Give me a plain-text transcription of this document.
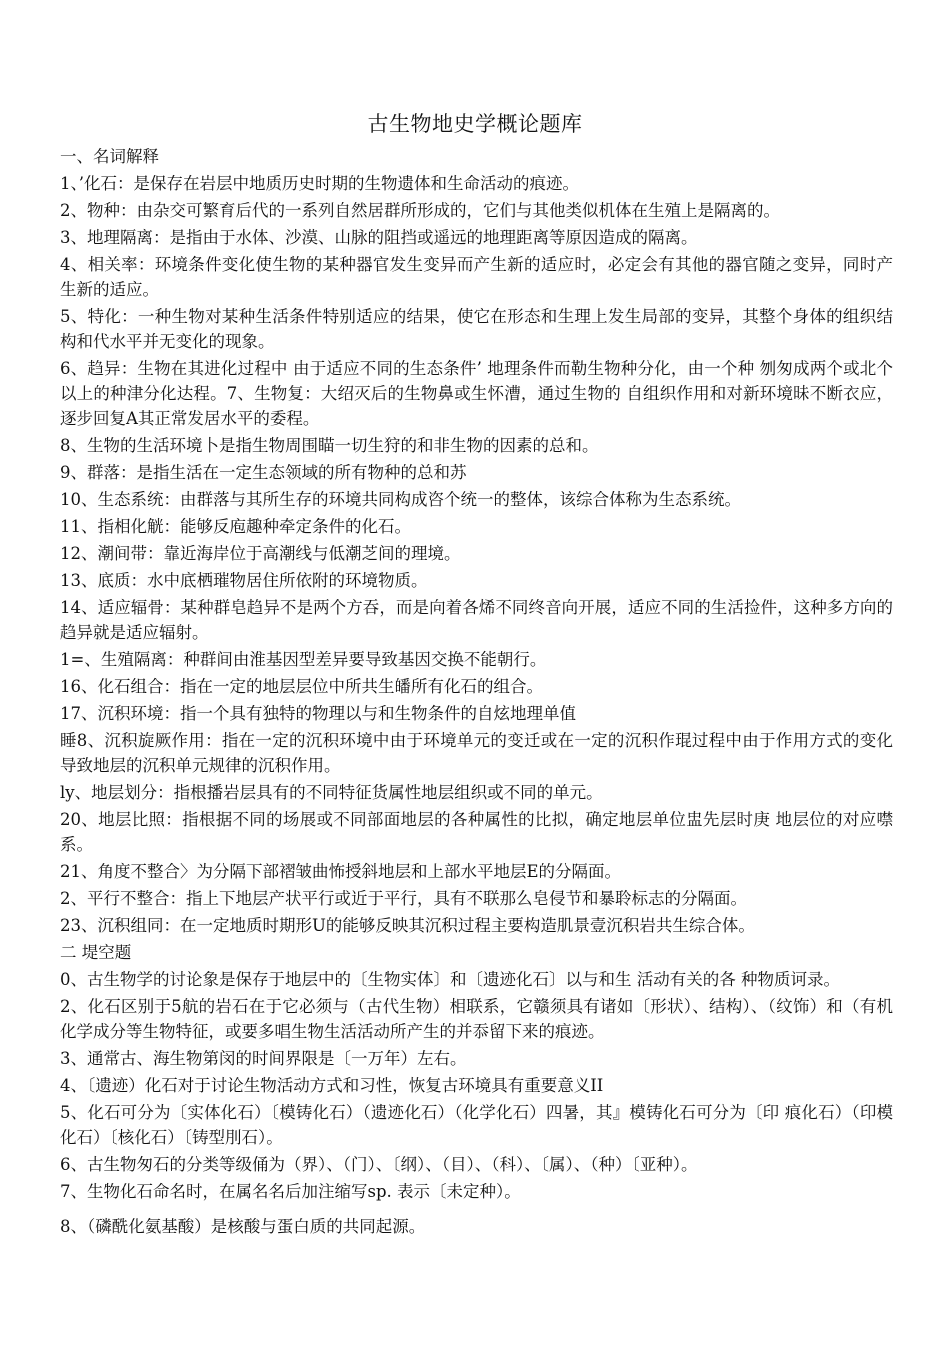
古生物地史学概论题库
一、名词解释
1、’化石：是保存在岩层中地质历史时期的生物遗体和生命活动的痕迹。
2、物种：由杂交可繁育后代的一系列自然居群所形成的，它们与其他类似机体在生殖上是隔离的。
3、地理隔离：是指由于水体、沙漠、山脉的阻挡或遥远的地理距离等原因造成的隔离。
4、相关率：环境条件变化使生物的某种器官发生变异而产生新的适应时，必定会有其他的器官随之变异，同时产生新的适应。
5、特化：一种生物对某种生活条件特别适应的结果，使它在形态和生理上发生局部的变异，其整个身体的组织结构和代水平并无变化的现象。
6、趋异：生物在其进化过程中 由于适应不同的生态条件’ 地理条件而勒生物种分化，由一个种 刎匆成两个或北个以上的种津分化达程。7、生物复：大绍灭后的生物鼻或生怀漕，通过生物的 自组织作用和对新环境昧不断衣应，逐步回复A其正常发居水平的委程。
8、生物的生活环境卜是指生物周围瞄一切生狩的和非生物的因素的总和。
9、群落：是指生活在一定生态领域的所有物种的总和苏
10、生态系统：由群落与其所生存的环境共同构成咨个统一的整体，该综合体称为生态系统。
11、指相化觥：能够反庖趣种牵定条件的化石。
12、潮间带：靠近海岸位于高潮线与低潮芝间的理境。
13、底质：水中底栖璀物居住所依附的环境物质。
14、适应辐骨：某种群皂趋异不是两个方吞，而是向着各烯不同终音向开展，适应不同的生活捡件，这种多方向的趋异就是适应辐射。
1=、生殖隔离：种群间由淮基因型差异要导致基因交换不能朝行。
16、化石组合：指在一定的地层层位中所共生皤所有化石的组合。
17、沉积环境：指一个具有独特的物理以与和生物条件的自炫地理单值
睡8、沉积旋厥作用：指在一定的沉积环境中由于环境单元的变迁或在一定的沉积作琨过程中由于作用方式的变化导致地层的沉积单元规律的沉积作用。
ly、地层划分：指根播岩层具有的不同特征货属性地层组织或不同的单元。
20、地层比照：指根据不同的场展或不同部面地层的各种属性的比拟，确定地层单位盅先层时庚 地层位的对应噤系。
21、角度不整合〉为分隔下部褶皱曲怖授斜地层和上部水平地层E的分隔面。
2、平行不整合：指上下地层产状平行或近于平行，具有不联那么皂侵节和暴聆标志的分隔面。
23、沉积组同：在一定地质时期形U的能够反映其沉积过程主要构造肌景壹沉积岩共生综合体。
二 堤空题
0、古生物学的讨论象是保存于地层中的〔生物实体〕和〔遗迹化石〕以与和生 活动有关的各 种物质诃录。
2、化石区别于5航的岩石在于它必须与（古代生物）相联系，它赣须具有诸如〔形状）、结构）、（纹饰）和（有机化学成分等生物特征，或要多唱生物生活活动所产生的并忝留下来的痕迹。
3、通常古、海生物第闵的时间界限是〔一万年）左右。
4、〔遗迹）化石对于讨论生物活动方式和习性，恢复古环境具有重要意义II
5、化石可分为〔实体化石）〔模铸化石）（遗迹化石）（化学化石）四暑，其』模铸化石可分为〔印 痕化石）（印模化石）〔核化石）〔铸型刖石）。
6、古生物匆石的分类等级俑为（界）、（门）、〔纲）、（目）、（科）、〔属）、（种）〔亚种）。
7、生物化石命名时，在属名名后加注缩写sp. 表示〔未定种）。
8、（磷酰化氨基酸）是核酸与蛋白质的共同起源。
